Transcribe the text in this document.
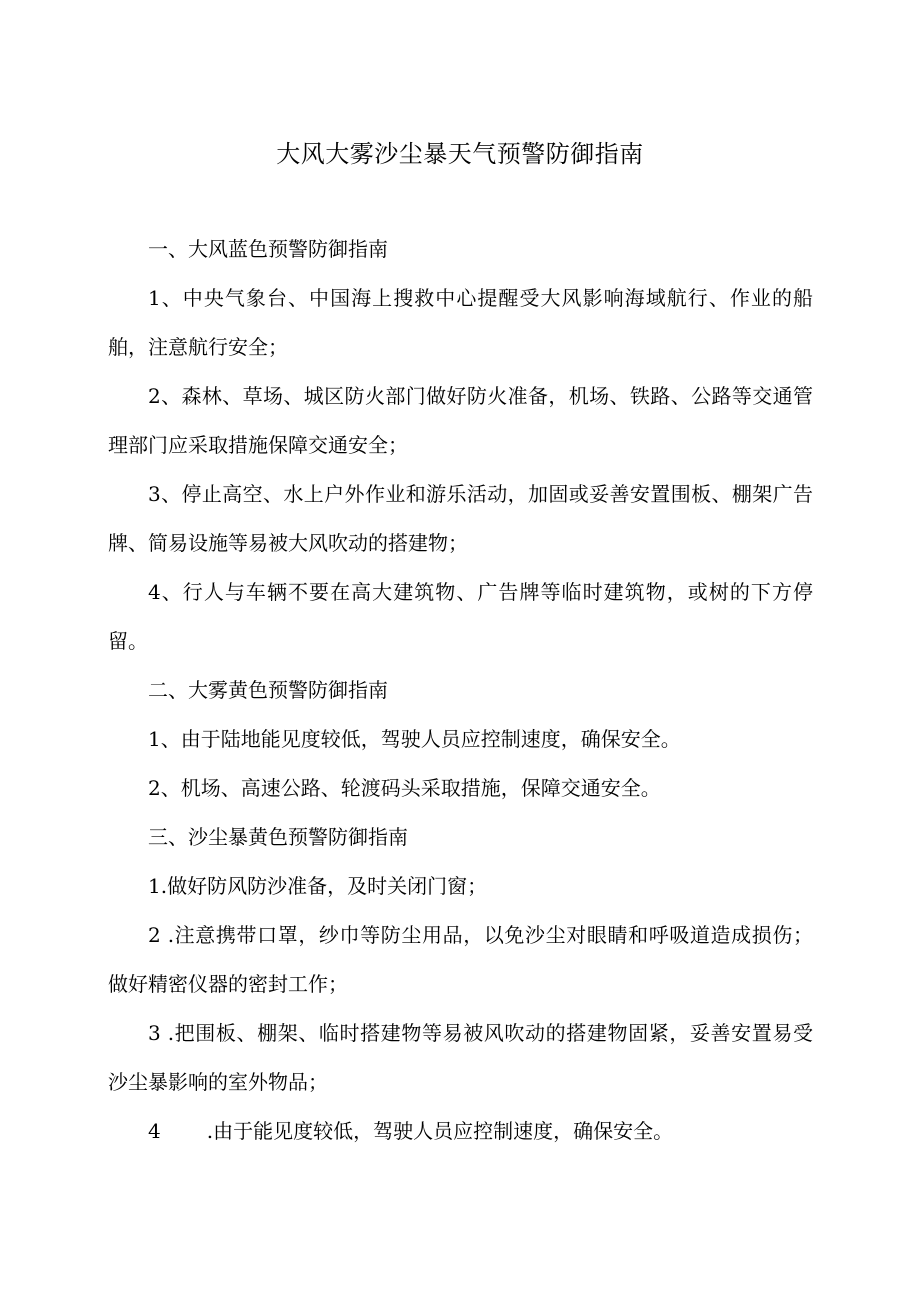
大风大雾沙尘暴天气预警防御指南

一、大风蓝色预警防御指南

1、中央气象台、中国海上搜救中心提醒受大风影响海域航行、作业的船舶，注意航行安全；

2、森林、草场、城区防火部门做好防火准备，机场、铁路、公路等交通管理部门应采取措施保障交通安全；

3、停止高空、水上户外作业和游乐活动，加固或妥善安置围板、棚架广告牌、简易设施等易被大风吹动的搭建物；

4、行人与车辆不要在高大建筑物、广告牌等临时建筑物，或树的下方停留。

二、大雾黄色预警防御指南

1、由于陆地能见度较低，驾驶人员应控制速度，确保安全。

2、机场、高速公路、轮渡码头采取措施，保障交通安全。

三、沙尘暴黄色预警防御指南

1.做好防风防沙准备，及时关闭门窗；

2 .注意携带口罩，纱巾等防尘用品，以免沙尘对眼睛和呼吸道造成损伤；做好精密仪器的密封工作；

3 .把围板、棚架、临时搭建物等易被风吹动的搭建物固紧，妥善安置易受沙尘暴影响的室外物品；

4 .由于能见度较低，驾驶人员应控制速度，确保安全。
